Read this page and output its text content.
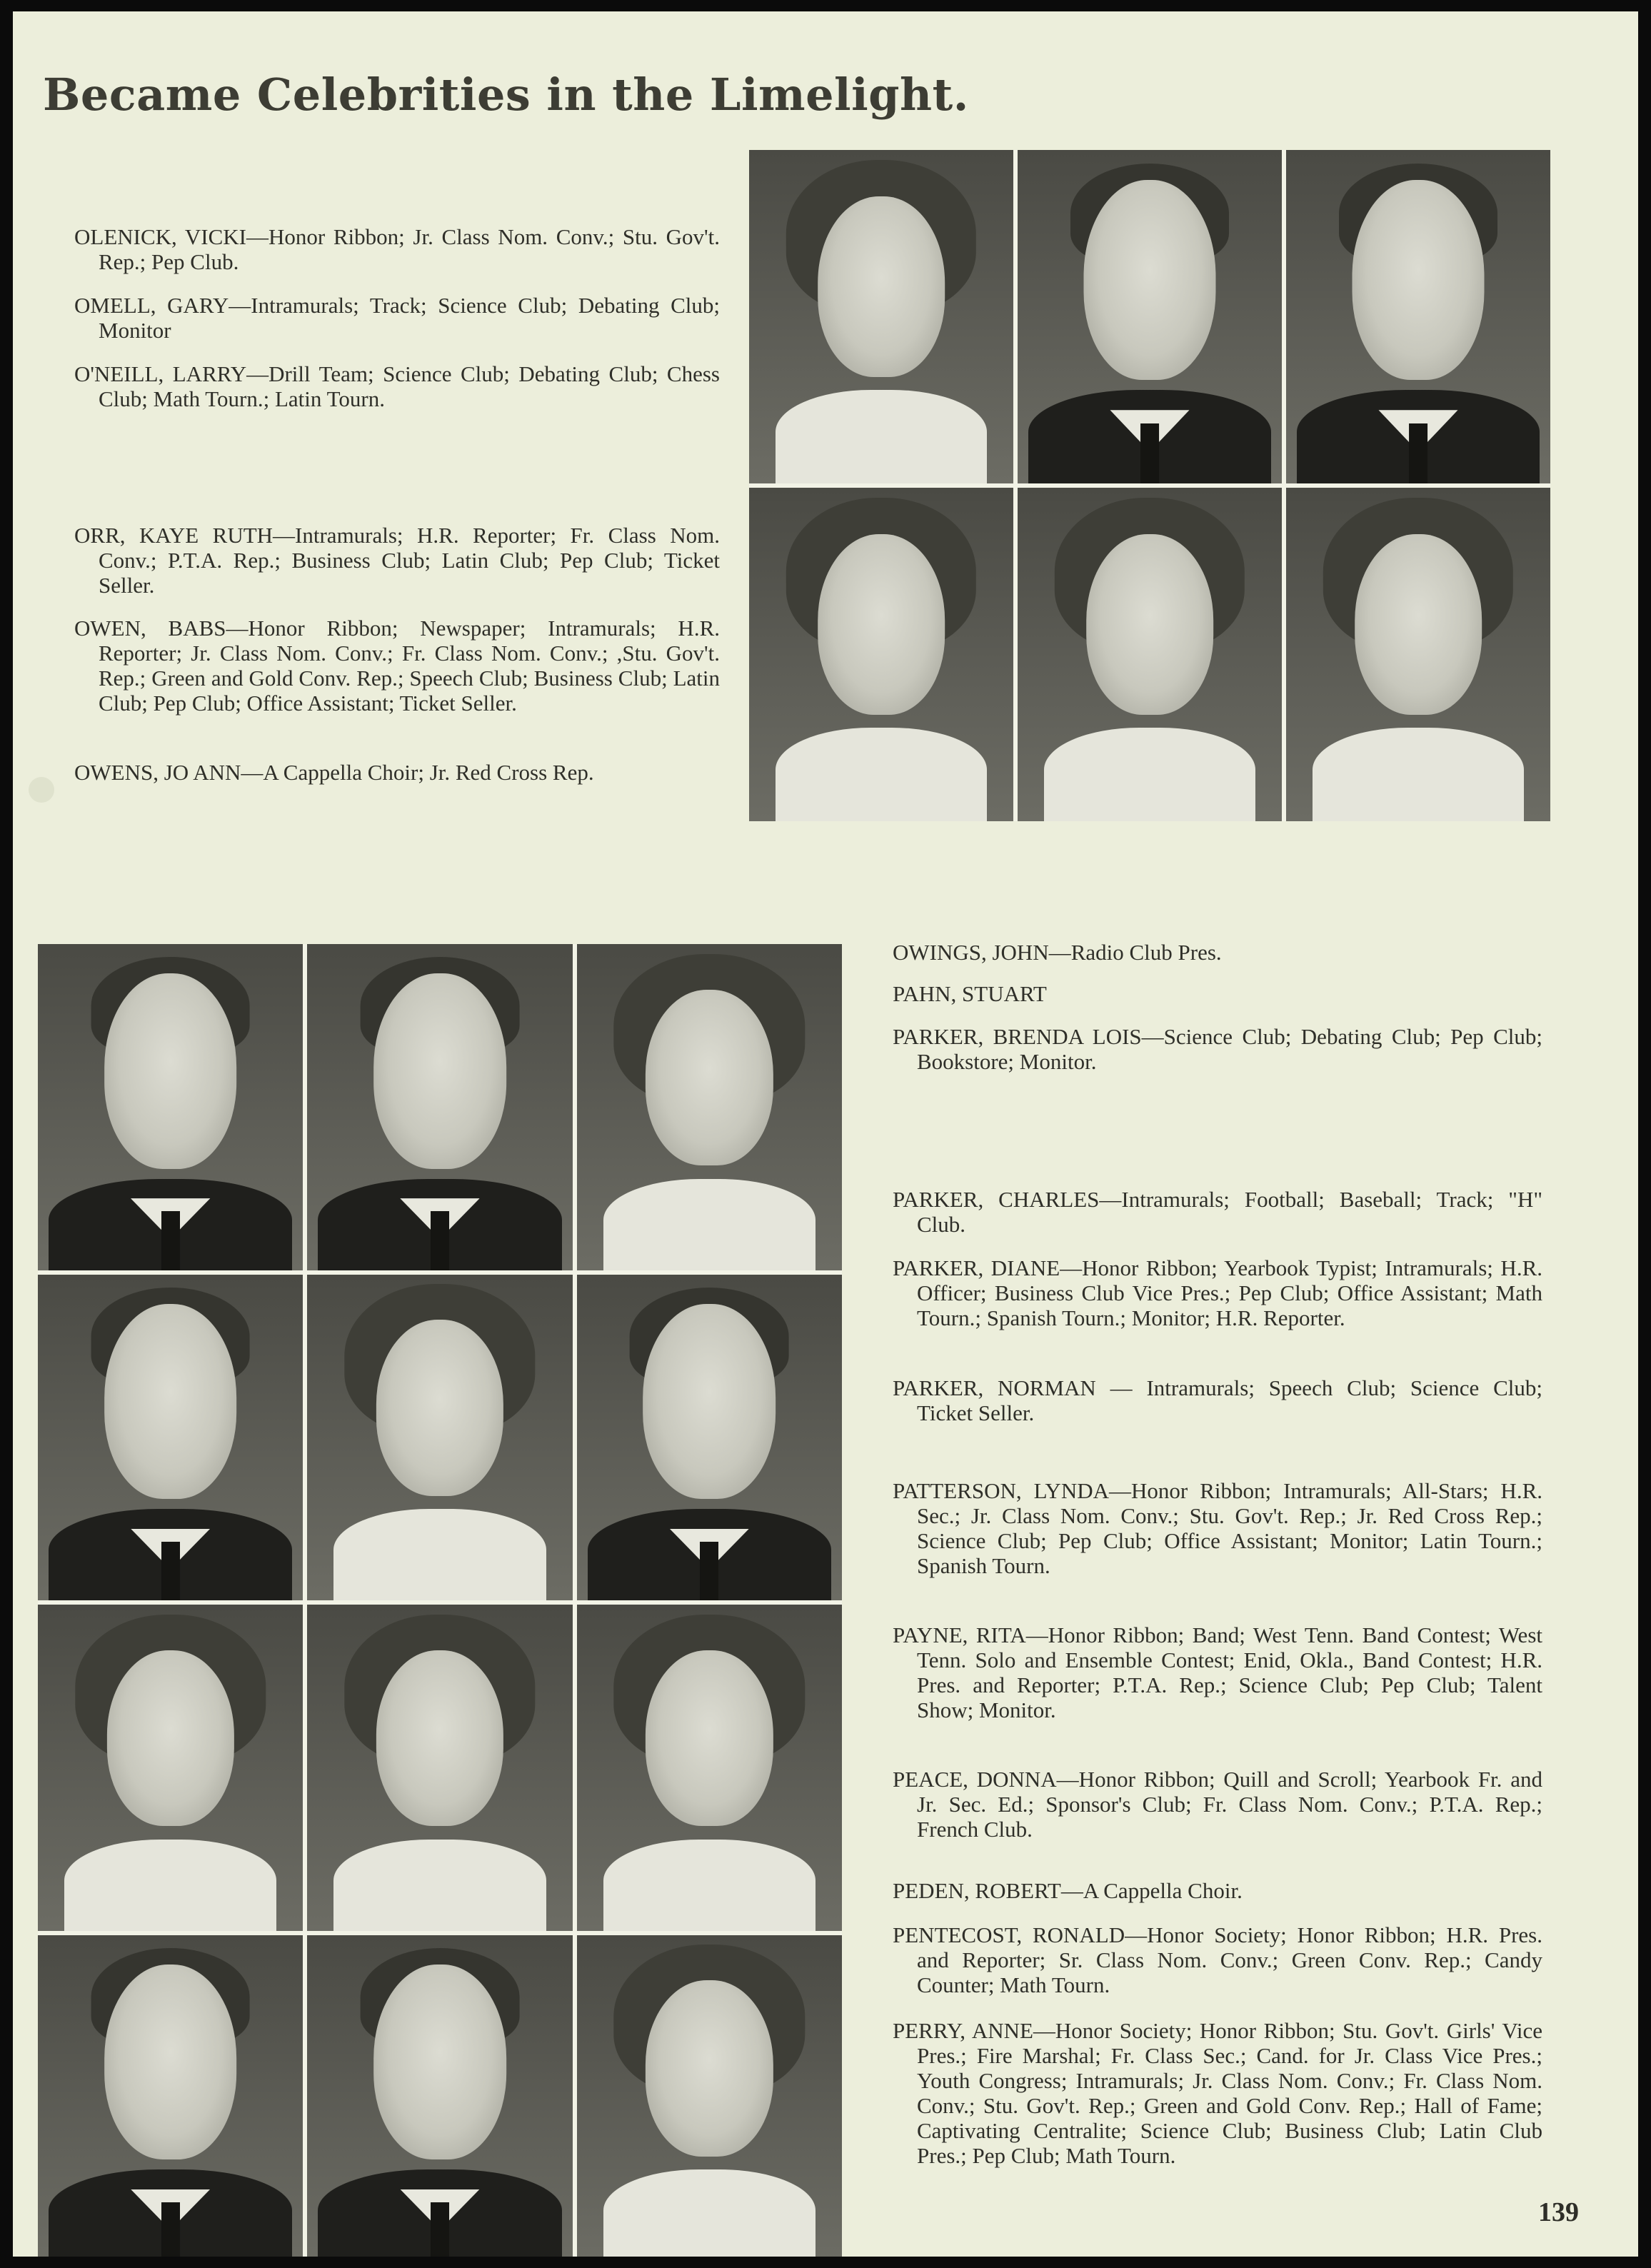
Became Celebrities in the Limelight.

OLENICK, VICKI—Honor Ribbon; Jr. Class Nom. Conv.; Stu. Gov't. Rep.; Pep Club.

OMELL, GARY—Intramurals; Track; Science Club; Debating Club; Monitor

O'NEILL, LARRY—Drill Team; Science Club; Debating Club; Chess Club; Math Tourn.; Latin Tourn.

ORR, KAYE RUTH—Intramurals; H.R. Reporter; Fr. Class Nom. Conv.; P.T.A. Rep.; Business Club; Latin Club; Pep Club; Ticket Seller.

OWEN, BABS—Honor Ribbon; Newspaper; Intramurals; H.R. Reporter; Jr. Class Nom. Conv.; Fr. Class Nom. Conv.; ,Stu. Gov't. Rep.; Green and Gold Conv. Rep.; Speech Club; Business Club; Latin Club; Pep Club; Office Assistant; Ticket Seller.

OWENS, JO ANN—A Cappella Choir; Jr. Red Cross Rep.

OWINGS, JOHN—Radio Club Pres.

PAHN, STUART

PARKER, BRENDA LOIS—Science Club; Debating Club; Pep Club; Bookstore; Monitor.

PARKER, CHARLES—Intramurals; Football; Baseball; Track; "H" Club.

PARKER, DIANE—Honor Ribbon; Yearbook Typist; Intramurals; H.R. Officer; Business Club Vice Pres.; Pep Club; Office Assistant; Math Tourn.; Spanish Tourn.; Monitor; H.R. Reporter.

PARKER, NORMAN — Intramurals; Speech Club; Science Club; Ticket Seller.

PATTERSON, LYNDA—Honor Ribbon; Intramurals; All-Stars; H.R. Sec.; Jr. Class Nom. Conv.; Stu. Gov't. Rep.; Jr. Red Cross Rep.; Science Club; Pep Club; Office Assistant; Monitor; Latin Tourn.; Spanish Tourn.

PAYNE, RITA—Honor Ribbon; Band; West Tenn. Band Contest; West Tenn. Solo and Ensemble Contest; Enid, Okla., Band Contest; H.R. Pres. and Reporter; P.T.A. Rep.; Science Club; Pep Club; Talent Show; Monitor.

PEACE, DONNA—Honor Ribbon; Quill and Scroll; Yearbook Fr. and Jr. Sec. Ed.; Sponsor's Club; Fr. Class Nom. Conv.; P.T.A. Rep.; French Club.

PEDEN, ROBERT—A Cappella Choir.

PENTECOST, RONALD—Honor Society; Honor Ribbon; H.R. Pres. and Reporter; Sr. Class Nom. Conv.; Green Conv. Rep.; Candy Counter; Math Tourn.

PERRY, ANNE—Honor Society; Honor Ribbon; Stu. Gov't. Girls' Vice Pres.; Fire Marshal; Fr. Class Sec.; Cand. for Jr. Class Vice Pres.; Youth Congress; Intramurals; Jr. Class Nom. Conv.; Fr. Class Nom. Conv.; Stu. Gov't. Rep.; Green and Gold Conv. Rep.; Hall of Fame; Captivating Centralite; Science Club; Business Club; Latin Club Pres.; Pep Club; Math Tourn.

139
